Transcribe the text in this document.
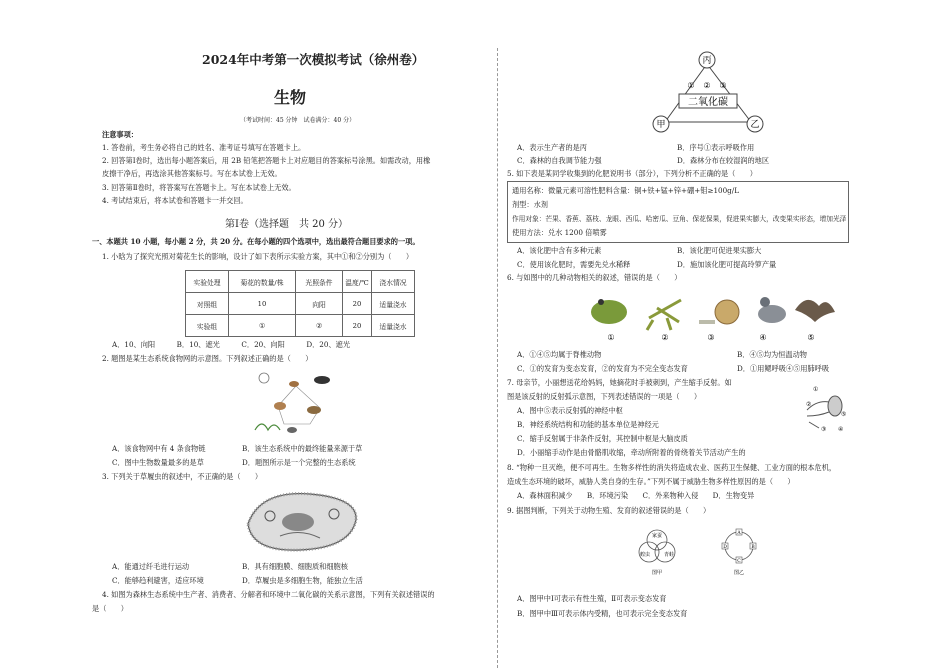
2024年中考第一次模拟考试（徐州卷）
生物
（考试时间：45 分钟　试卷满分：40 分）
注意事项：
1. 答卷前，考生务必将自己的姓名、准考证号填写在答题卡上。
2. 回答第Ⅰ卷时，选出每小题答案后，用 2B 铅笔把答题卡上对应题目的答案标号涂黑。如需改动，用橡
皮擦干净后，再选涂其他答案标号。写在本试卷上无效。
3. 回答第Ⅱ卷时，将答案写在答题卡上。写在本试卷上无效。
4. 考试结束后，将本试卷和答题卡一并交回。
第Ⅰ卷（选择题　共 20 分）
一、本题共 10 小题，每小题 2 分，共 20 分。在每小题的四个选项中，选出最符合题目要求的一项。
1. 小晗为了探究光照对菊花生长的影响，设计了如下表所示实验方案，其中①和②分别为（　　）
实验处理	菊花的数量/株	光照条件	温度/℃	浇水情况
对照组	10	向阳	20	适量浇水
实验组	①	②	20	适量浇水
A．10、向阳　　　B．10、遮光　　　C．20、向阳　　　D．20、遮光
2. 题图是某生态系统食物网的示意图。下列叙述正确的是（　　）
A．该食物网中有 4 条食物链	B．该生态系统中的最终能量来源于草
C．图中生物数量最多的是草	D．题图所示是一个完整的生态系统
3. 下列关于草履虫的叙述中，不正确的是（　　）
A．能通过纤毛进行运动	B．具有细胞膜、细胞质和细胞核
C．能够趋利避害，适应环境	D．草履虫是多细胞生物，能独立生活
4. 如图为森林生态系统中生产者、消费者、分解者和环境中二氧化碳的关系示意图，下列有关叙述错误的
是（　　）
丙
甲	乙
二氧化碳
① ② ③
A．表示生产者的是丙	B．序号①表示呼吸作用
C．森林的自我调节能力强	D．森林分布在较湿润的地区
5. 如下表是某同学收集到的化肥说明书（部分），下列分析不正确的是（　　）
通用名称：微量元素可溶性肥料含量：铜+铁+锰+锌+硼+钼≥100g/L
剂型：水剂
作用对象：芒果、香蕉、荔枝、龙眼、西瓜、哈密瓜、豆角、保花保果，促进果实膨大，改变果实形态，增加光泽
使用方法：兑水 1200 倍喷雾
A．该化肥中含有多种元素	B．该化肥可促进果实膨大
C．使用该化肥时，需要先兑水稀释	D．施加该化肥可提高玲箩产量
6. 与如图中的几种动物相关的叙述，错误的是（　　）
①	②	③	④	⑤
A．①④⑤均属于脊椎动物	B．④⑤均为恒温动物
C．①的发育为变态发育，②的发育为不完全变态发育	D．①用鳃呼吸④⑤用肺呼吸
7. 母亲节，小丽想送花给妈妈，她摘花时手被刺到，产生缩手反射。如
图是该反射的反射弧示意图，下列表述错误的一项是（　　）
①
②
③ ④
⑤
A．图中⑤表示反射弧的神经中枢
B．神经系统结构和功能的基本单位是神经元
C．缩手反射属于非条件反射，其控制中枢是大脑皮质
D．小丽缩手动作是由骨骼肌收缩，牵动所附着的骨绕着关节活动产生的
8. “物种一旦灭绝，便不可再生。生物多样性的消失将造成农业、医药卫生保健、工业方面的根本危机，
造成生态环境的破坏，威胁人类自身的生存。”下列不属于威胁生物多样性原因的是（　　）
A．森林面积减少　　B．环境污染　　C．外来物种入侵　　D．生物变异
9. 据图判断，下列关于动物生殖、发育的叙述错误的是（　　）
家蚕
蝗虫	青蛙
图甲
A
B
C
D
图乙
A．图甲中Ⅰ可表示有性生殖，Ⅱ可表示变态发育
B．图甲中Ⅲ可表示体内受精，也可表示完全变态发育
